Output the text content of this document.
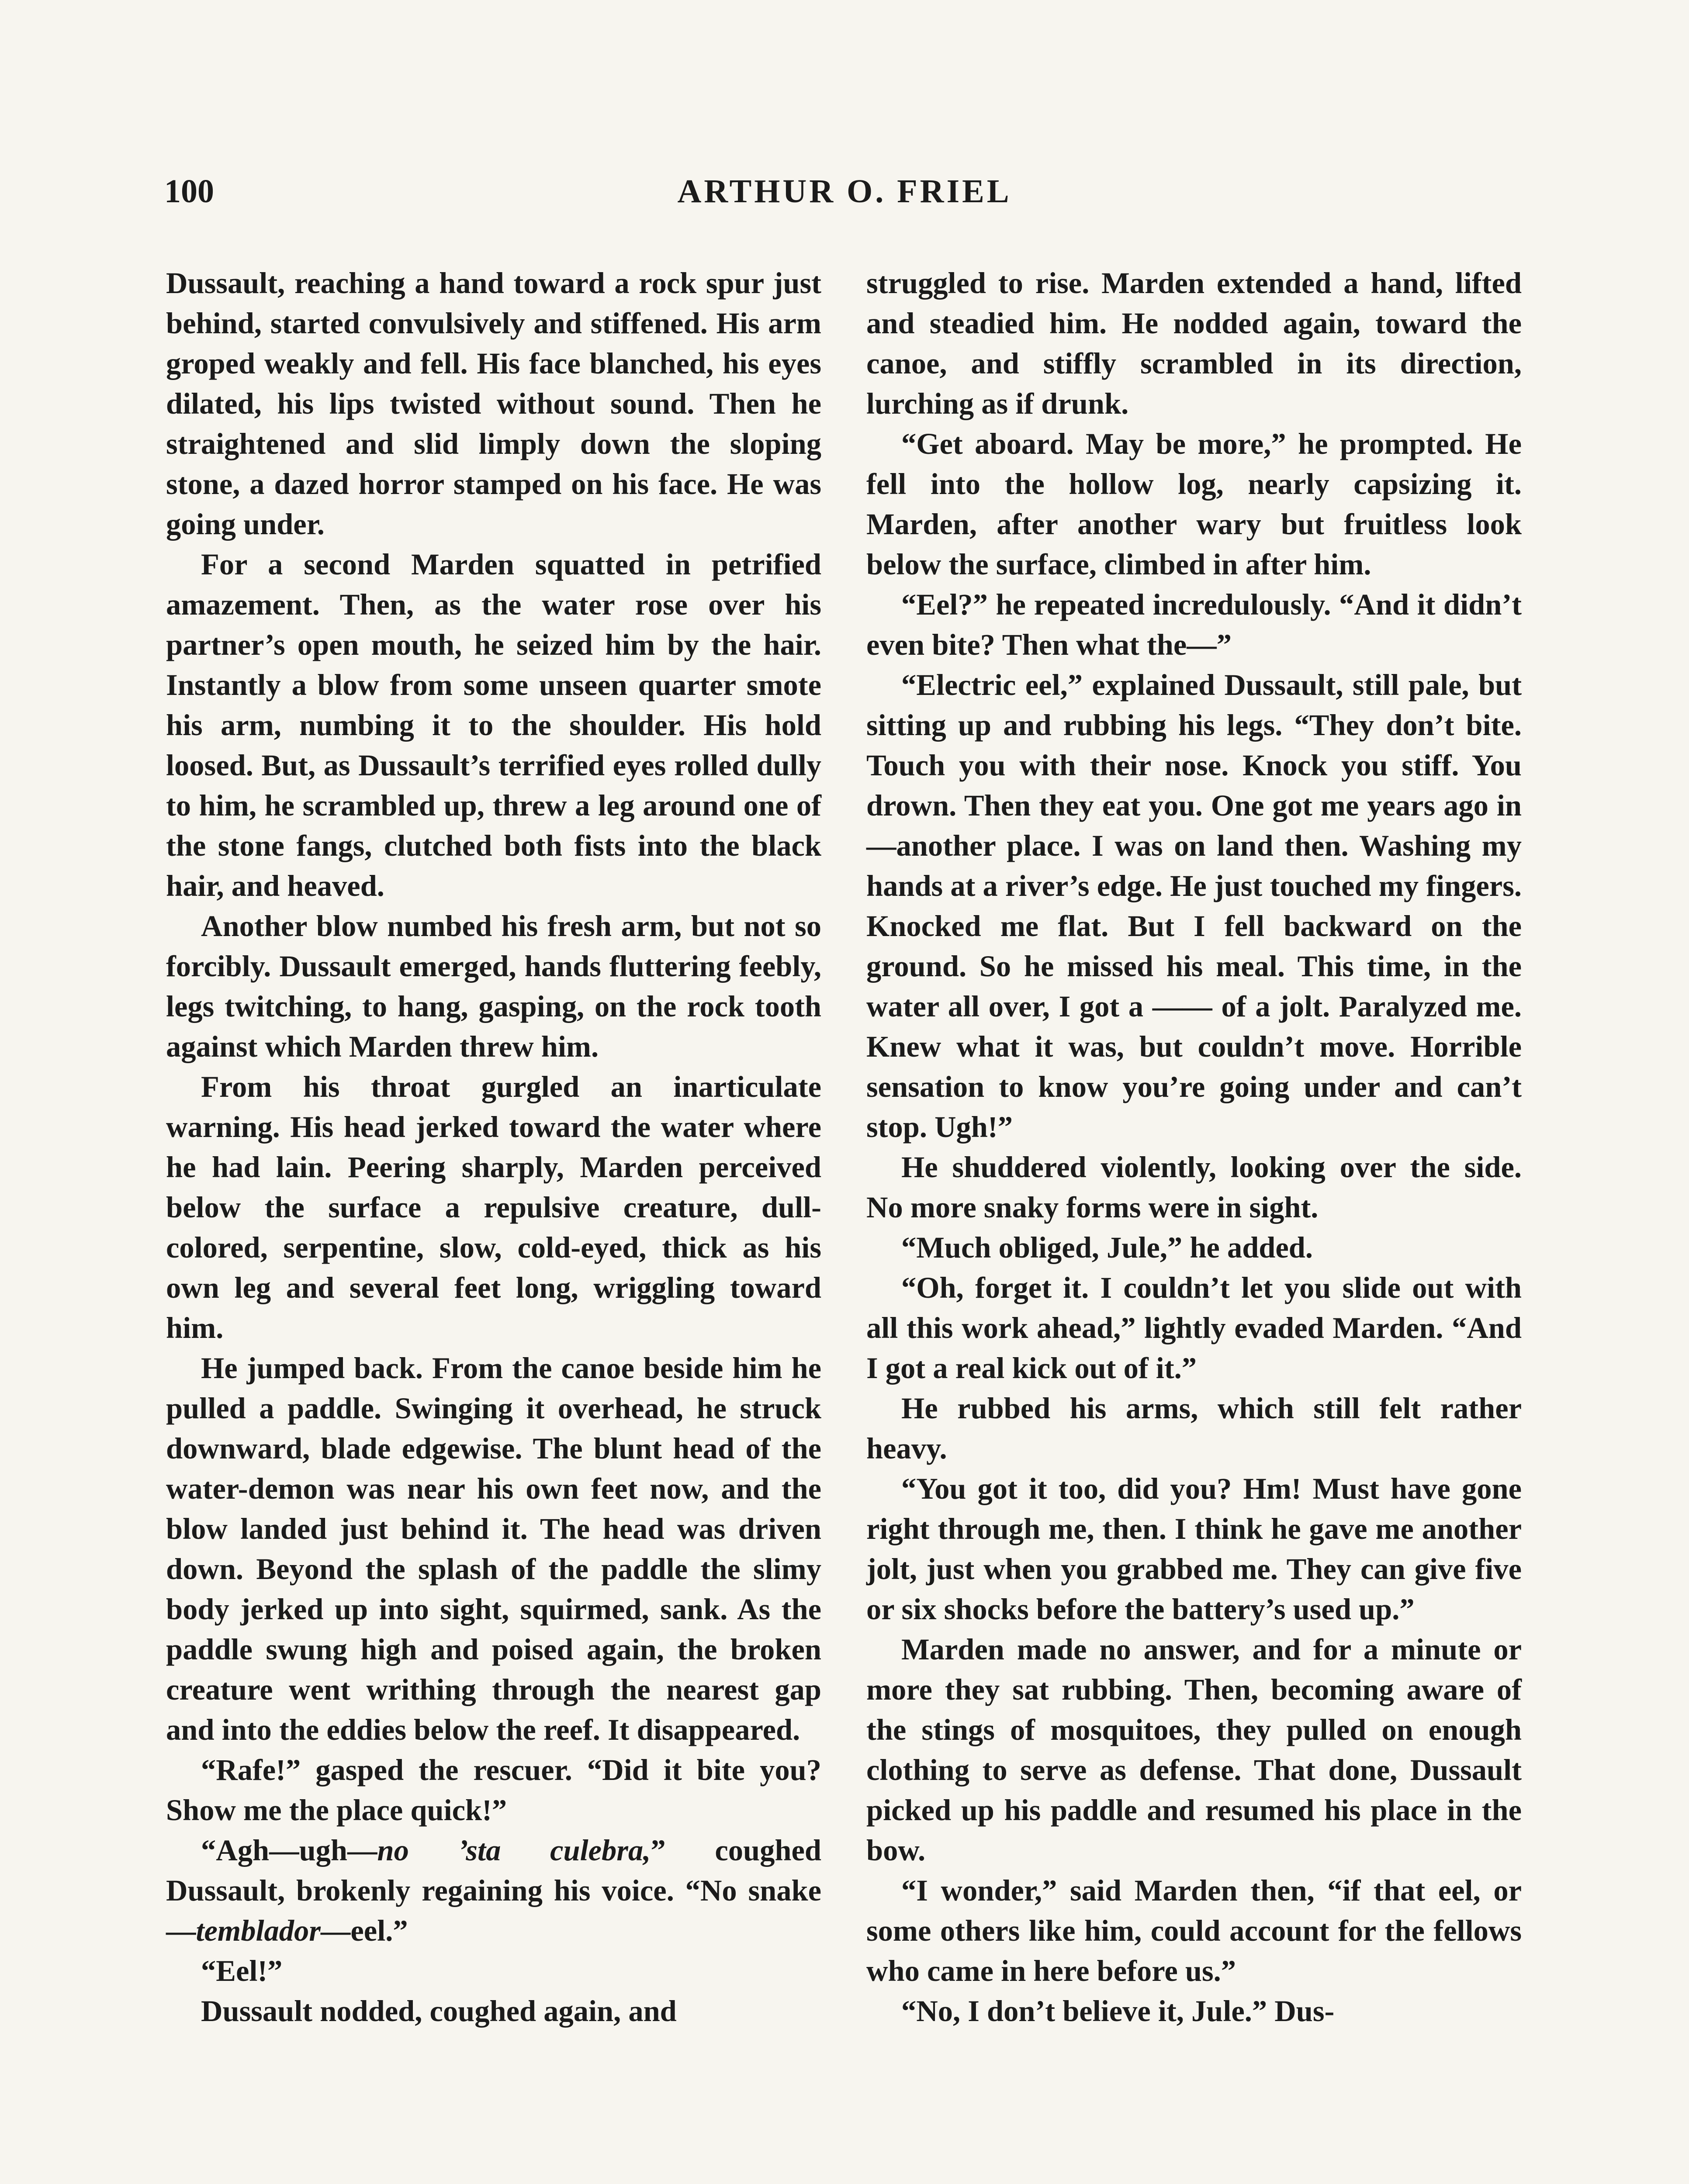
100	ARTHUR O. FRIEL

Dussault, reaching a hand toward a rock spur just behind, started convulsively and stiffened. His arm groped weakly and fell. His face blanched, his eyes dilated, his lips twisted without sound. Then he straightened and slid limply down the sloping stone, a dazed horror stamped on his face. He was going under.

For a second Marden squatted in petrified amazement. Then, as the water rose over his partner’s open mouth, he seized him by the hair. Instantly a blow from some unseen quarter smote his arm, numbing it to the shoulder. His hold loosed. But, as Dussault’s terrified eyes rolled dully to him, he scrambled up, threw a leg around one of the stone fangs, clutched both fists into the black hair, and heaved.

Another blow numbed his fresh arm, but not so forcibly. Dussault emerged, hands fluttering feebly, legs twitching, to hang, gasping, on the rock tooth against which Marden threw him.

From his throat gurgled an inarticulate warning. His head jerked toward the water where he had lain. Peering sharply, Marden perceived below the surface a repulsive creature, dull-colored, serpentine, slow, cold-eyed, thick as his own leg and several feet long, wriggling toward him.

He jumped back. From the canoe beside him he pulled a paddle. Swinging it overhead, he struck downward, blade edgewise. The blunt head of the water-demon was near his own feet now, and the blow landed just behind it. The head was driven down. Beyond the splash of the paddle the slimy body jerked up into sight, squirmed, sank. As the paddle swung high and poised again, the broken creature went writhing through the nearest gap and into the eddies below the reef. It disappeared.

“Rafe!” gasped the rescuer. “Did it bite you? Show me the place quick!”

“Agh—ugh—no ’sta culebra,” coughed Dussault, brokenly regaining his voice. “No snake—temblador—eel.”

“Eel!”

Dussault nodded, coughed again, and

struggled to rise. Marden extended a hand, lifted and steadied him. He nodded again, toward the canoe, and stiffly scrambled in its direction, lurching as if drunk.

“Get aboard. May be more,” he prompted. He fell into the hollow log, nearly capsizing it. Marden, after another wary but fruitless look below the surface, climbed in after him.

“Eel?” he repeated incredulously. “And it didn’t even bite? Then what the—”

“Electric eel,” explained Dussault, still pale, but sitting up and rubbing his legs. “They don’t bite. Touch you with their nose. Knock you stiff. You drown. Then they eat you. One got me years ago in—another place. I was on land then. Washing my hands at a river’s edge. He just touched my fingers. Knocked me flat. But I fell backward on the ground. So he missed his meal. This time, in the water all over, I got a —— of a jolt. Paralyzed me. Knew what it was, but couldn’t move. Horrible sensation to know you’re going under and can’t stop. Ugh!”

He shuddered violently, looking over the side. No more snaky forms were in sight.

“Much obliged, Jule,” he added.

“Oh, forget it. I couldn’t let you slide out with all this work ahead,” lightly evaded Marden. “And I got a real kick out of it.”

He rubbed his arms, which still felt rather heavy.

“You got it too, did you? Hm! Must have gone right through me, then. I think he gave me another jolt, just when you grabbed me. They can give five or six shocks before the battery’s used up.”

Marden made no answer, and for a minute or more they sat rubbing. Then, becoming aware of the stings of mosquitoes, they pulled on enough clothing to serve as defense. That done, Dussault picked up his paddle and resumed his place in the bow.

“I wonder,” said Marden then, “if that eel, or some others like him, could account for the fellows who came in here before us.”

“No, I don’t believe it, Jule.” Dus-
